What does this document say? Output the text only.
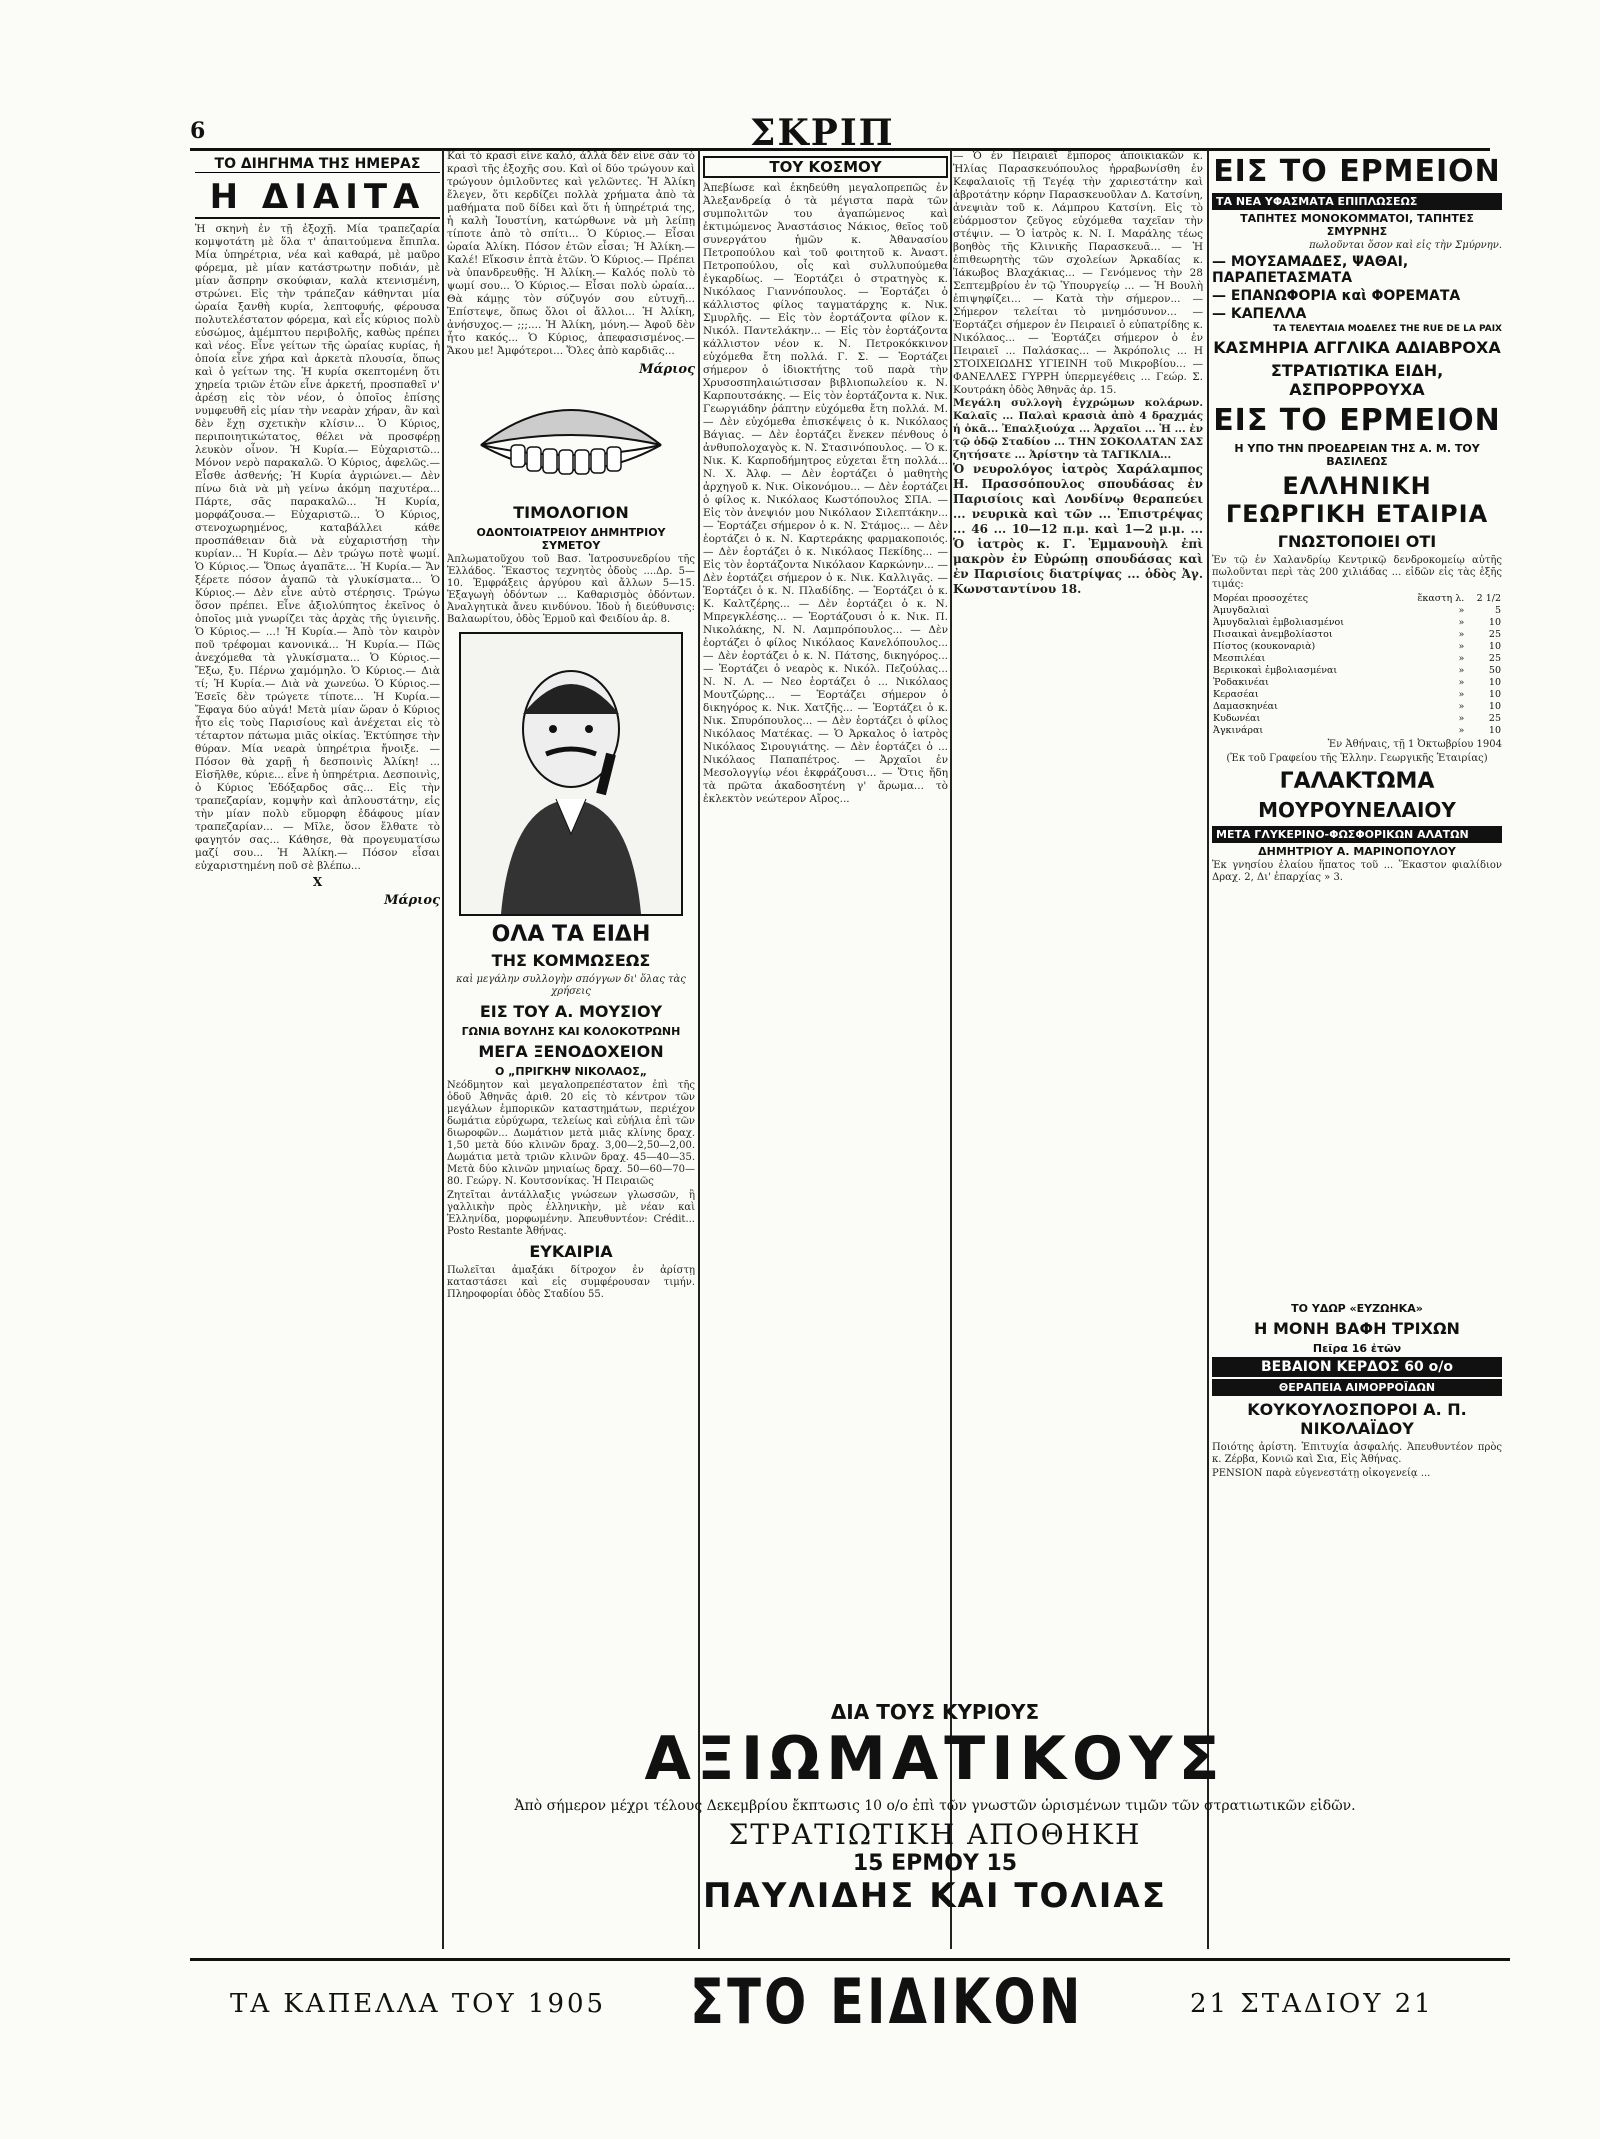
6	ΣΚΡΙΠ
ΤΟ ΔΙΗΓΗΜΑ ΤΗΣ ΗΜΕΡΑΣ
Η ΔΙΑΙΤΑ

Ἡ σκηνὴ ἐν τῇ ἐξοχῇ. Μία τραπεζαρία κομψοτάτη μὲ ὅλα τ' ἀπαιτούμενα ἔπιπλα. Μία ὑπηρέτρια, νέα καὶ καθαρά, μὲ μαῦρο φόρεμα, μὲ μίαν κατάστρωτην ποδιάν, μὲ μίαν ἄσπρην σκούφιαν, καλὰ κτενισμένη, στρώνει. Εἰς τὴν τράπεζαν κάθηνται μία ὡραία ξανθὴ κυρία, λεπτοφυής, φέρουσα πολυτελέστατον φόρεμα, καὶ εἷς κύριος πολὺ εὐσώμος, ἀμέμπτου περιβολῆς, καθὼς πρέπει καὶ νέος. Εἶνε γείτων τῆς ὡραίας κυρίας, ἡ ὁποία εἶνε χήρα καὶ ἀρκετὰ πλουσία, ὅπως καὶ ὁ γείτων της. Ἡ κυρία σκεπτομένη ὅτι χηρεία τριῶν ἐτῶν εἶνε ἀρκετή, προσπαθεῖ ν' ἀρέσῃ εἰς τὸν νέον, ὁ ὁποῖος ἐπίσης νυμφευθῆ εἰς μίαν τὴν νεαρὰν χήραν, ἂν καὶ δὲν ἔχῃ σχετικὴν κλίσιν... Ὁ Κύριος, περιποιητικώτατος, θέλει νὰ προσφέρῃ λευκὸν οἶνον. Ἡ Κυρία.— Εὐχαριστῶ... Μόνον νερὸ παρακαλῶ. Ὁ Κύριος, ἀφελῶς.— Εἶσθε ἀσθενής; Ἡ Κυρία ἀγριώνει.— Δὲν πίνω διὰ νὰ μὴ γείνω ἀκόμη παχυτέρα... Πάρτε, σᾶς παρακαλῶ... Ἡ Κυρία, μορφάζουσα.— Εὐχαριστῶ... Ὁ Κύριος, στενοχωρημένος, καταβάλλει κάθε προσπάθειαν διὰ νὰ εὐχαριστήσῃ τὴν κυρίαν... Ἡ Κυρία.— Δὲν τρώγω ποτὲ ψωμί. Ὁ Κύριος.— Ὅπως ἀγαπᾶτε... Ἡ Κυρία.— Ἄν ξέρετε πόσον ἀγαπῶ τὰ γλυκίσματα... Ὁ Κύριος.— Δὲν εἶνε αὐτὸ στέρησις. Τρώγω ὅσον πρέπει. Εἶνε ἀξιολύπητος ἐκεῖνος ὁ ὁποῖος μιὰ γνωρίζει τὰς ἀρχὰς τῆς ὑγιεινῆς. Ὁ Κύριος.— ...! Ἡ Κυρία.— Ἀπὸ τὸν καιρὸν ποῦ τρέφομαι κανονικά... Ἡ Κυρία.— Πῶς ἀνεχόμεθα τὰ γλυκίσματα... Ὁ Κύριος.— Ἔξω, ξυ. Πέρνω χαμόμηλο. Ὁ Κύριος.— Διὰ τί; Ἡ Κυρία.— Διὰ νὰ χωνεύω. Ὁ Κύριος.— Ἐσεῖς δὲν τρώγετε τίποτε... Ἡ Κυρία.— Ἔφαγα δύο αὐγά! Μετὰ μίαν ὥραν ὁ Κύριος ἦτο εἰς τοὺς Παρισίους καὶ ἀνέχεται εἰς τὸ τέταρτον πάτωμα μιᾶς οἰκίας. Ἐκτύπησε τὴν θύραν. Μία νεαρὰ ὑπηρέτρια ἤνοιξε. — Πόσον θὰ χαρῇ ἡ δεσποινὶς Ἀλίκη! ... Εἰσῆλθε, κύριε... εἶνε ἡ ὑπηρέτρια. Δεσποινὶς, ὁ Κύριος Ἐδόξαρδος σᾶς... Εἰς τὴν τραπεζαρίαν, κομψὴν καὶ ἁπλουστάτην, εἰς τὴν μίαν πολὺ εὔμορφη ἐδάφους μίαν τραπεζαρίαν... — Μῖλε, ὅσον ἔλθατε τὸ φαγητόν σας... Κάθησε, θὰ προγευματίσω μαζί σου... Ἡ Ἀλίκη.— Πόσον εἶσαι εὐχαριστημένη ποῦ σὲ βλέπω...

Χ
Μάριος

Καὶ τὸ κρασὶ εἶνε καλό, ἀλλὰ δὲν εἶνε σὰν τὸ κρασὶ τῆς ἐξοχῆς σου. Καὶ οἱ δύο τρώγουν καὶ τρώγουν ὁμιλοῦντες καὶ γελῶντες. Ἡ Ἀλίκη ἔλεγεν, ὅτι κερδίζει πολλὰ χρήματα ἀπὸ τὰ μαθήματα ποῦ δίδει καὶ ὅτι ἡ ὑπηρέτριά της, ἡ καλὴ Ἰουστίνη, κατώρθωνε νὰ μὴ λείπῃ τίποτε ἀπὸ τὸ σπίτι... Ὁ Κύριος.— Εἶσαι ὡραία Ἀλίκη. Πόσον ἐτῶν εἶσαι; Ἡ Ἀλίκη.— Καλέ! Εἴκοσιν ἑπτὰ ἐτῶν. Ὁ Κύριος.— Πρέπει νὰ ὑπανδρευθῇς. Ἡ Ἀλίκη.— Καλός πολὺ τὸ ψωμί σου... Ὁ Κύριος.— Εἶσαι πολὺ ὡραία... Θὰ κάμῃς τὸν σύζυγόν σου εὐτυχῆ... Ἐπίστεψε, ὅπως ὅλοι οἱ ἄλλοι... Ἡ Ἀλίκη, ἀνήσυχος.— ;;;.... Ἡ Ἀλίκη, μόνη.— Ἀφοῦ δὲν ἦτο κακός... Ὁ Κύριος, ἀπεφασισμένος.— Ἄκου με! Ἀμφότεροι... Ὅλες ἀπὸ καρδιᾶς...

Μάριος
ΤΙΜΟΛΟΓΙΟΝ
ΟΔΟΝΤΟΙΑΤΡΕΙΟΥ ΔΗΜΗΤΡΙΟΥ ΣΥΜΕΤΟΥ

Ἀπλωματοῦχου τοῦ Βασ. Ἰατροσυνεδρίου τῆς Ἑλλάδος. Ἕκαστος τεχνητὸς ὀδοὺς ....Δρ. 5—10. Ἐμφράξεις ἀργύρου καὶ ἄλλων 5—15. Ἐξαγωγὴ ὀδόντων ... Καθαρισμὸς ὀδόντων. Ἀναλγητικὰ ἄνευ κινδύνου. Ἰδοὺ ἡ διεύθυνσις: Βαλαωρίτου, ὁδὸς Ἑρμοῦ καὶ Φειδίου ἀρ. 8.

ΟΛΑ ΤΑ ΕΙΔΗ
ΤΗΣ ΚΟΜΜΩΣΕΩΣ
καὶ μεγάλην συλλογὴν σπόγγων δι' ὅλας τὰς χρήσεις
ΕΙΣ ΤΟΥ Α. ΜΟΥΣΙΟΥ
ΓΩΝΙΑ ΒΟΥΛΗΣ ΚΑΙ ΚΟΛΟΚΟΤΡΩΝΗ
ΜΕΓΑ ΞΕΝΟΔΟΧΕΙΟΝ
Ο „ΠΡΙΓΚΗΨ ΝΙΚΟΛΑΟΣ„

Νεόδμητον καὶ μεγαλοπρεπέστατον ἐπὶ τῆς ὁδοῦ Ἀθηνᾶς ἀριθ. 20 εἰς τὸ κέντρον τῶν μεγάλων ἐμπορικῶν καταστημάτων, περιέχον δωμάτια εὐρύχωρα, τελείως καὶ εὐήλια ἐπὶ τῶν διωροφῶν... Δωμάτιον μετὰ μιᾶς κλίνης δραχ. 1,50 μετὰ δύο κλινῶν δραχ. 3,00—2,50—2,00. Δωμάτια μετὰ τριῶν κλινῶν δραχ. 45—40—35. Μετὰ δύο κλινῶν μηνιαίως δραχ. 50—60—70—80. Γεώργ. Ν. Κουτσονίκας. Ἡ Πειραιῶς

Ζητεῖται ἀντάλλαξις γνώσεων γλωσσῶν, ἢ γαλλικὴν πρὸς ἑλληνικὴν, μὲ νέαν καὶ Ἑλληνίδα, μορφωμένην. Ἀπευθυντέον: Crédit... Posto Restante Ἀθήνας.

ΕΥΚΑΙΡΙΑ

Πωλεῖται ἀμαξάκι δίτροχον ἐν ἀρίστῃ καταστάσει καὶ εἰς συμφέρουσαν τιμήν. Πληροφορίαι ὁδὸς Σταδίου 55.

ΤΟΥ ΚΟΣΜΟΥ

Ἀπεβίωσε καὶ ἐκηδεύθη μεγαλοπρεπῶς ἐν Ἀλεξανδρείᾳ ὁ τὰ μέγιστα παρὰ τῶν συμπολιτῶν του ἀγαπώμενος καὶ ἐκτιμώμενος Ἀναστάσιος Νάκιος, θεῖος τοῦ συνεργάτου ἡμῶν κ. Ἀθανασίου Πετροπούλου καὶ τοῦ φοιτητοῦ κ. Ἀναστ. Πετροπούλου, οἷς καὶ συλλυπούμεθα ἐγκαρδίως. — Ἑορτάζει ὁ στρατηγὸς κ. Νικόλαος Γιαννόπουλος. — Ἑορτάζει ὁ κάλλιστος φίλος ταγματάρχης κ. Νικ. Σμυρλῆς. — Εἰς τὸν ἑορτάζοντα φίλον κ. Νικόλ. Παντελάκην... — Εἰς τὸν ἑορτάζοντα κάλλιστον νέον κ. Ν. Πετροκόκκινον εὐχόμεθα ἔτη πολλά. Γ. Σ. — Ἑορτάζει σήμερον ὁ ἰδιοκτήτης τοῦ παρὰ τὴν Χρυσοσπηλαιώτισσαν βιβλιοπωλείου κ. Ν. Καρπουτσάκης. — Εἰς τὸν ἑορτάζοντα κ. Νικ. Γεωργιάδην ῥάπτην εὐχόμεθα ἔτη πολλά. Μ. — Δὲν εὐχόμεθα ἐπισκέψεις ὁ κ. Νικόλαος Βάγιας. — Δὲν ἑορτάζει ἕνεκεν πένθους ὁ ἀνθυπολοχαγὸς κ. Ν. Στασινόπουλος. — Ὁ κ. Νικ. Κ. Καρποδήμητρος εὐχεται ἔτη πολλά... Ν. Χ. Ἀλφ. — Δὲν ἑορτάζει ὁ μαθητὴς ἀρχηγοῦ κ. Νικ. Οἰκονόμου... — Δὲν ἑορτάζει ὁ φίλος κ. Νικόλαος Κωστόπουλος ΣΠΑ. — Εἰς τὸν ἀνεψιόν μου Νικόλαον Σιλεπτάκην... — Ἑορτάζει σήμερον ὁ κ. Ν. Στάμος... — Δὲν ἑορτάζει ὁ κ. Ν. Καρτεράκης φαρμακοποιός. — Δὲν ἑορτάζει ὁ κ. Νικόλαος Πεκίδης... — Εἰς τὸν ἑορτάζοντα Νικόλαον Καρκώνην... — Δὲν ἑορτάζει σήμερον ὁ κ. Νικ. Καλλιγᾶς. — Ἑορτάζει ὁ κ. Ν. Πλαδίδης. — Ἑορτάζει ὁ κ. Κ. Καλτζέρης... — Δὲν ἑορτάζει ὁ κ. Ν. Μπρεγκλέσης... — Ἑορτάζουσι ὁ κ. Νικ. Π. Νικολάκης, Ν. Ν. Λαμπρόπουλος... — Δὲν ἑορτάζει ὁ φίλος Νικόλαος Κανελόπουλος... — Δὲν ἑορτάζει ὁ κ. Ν. Πάτσης, δικηγόρος... — Ἑορτάζει ὁ νεαρὸς κ. Νικόλ. Πεζούλας... Ν. Ν. Λ. — Νεο ἑορτάζει ὁ ... Νικόλαος Μουτζώρης... — Ἑορτάζει σήμερον ὁ δικηγόρος κ. Νικ. Χατζῆς... — Ἑορτάζει ὁ κ. Νικ. Σπυρόπουλος... — Δὲν ἑορτάζει ὁ φίλος Νικόλαος Ματέκας. — Ὁ Ἀρκαλος ὁ ἰατρὸς Νικόλαος Σιρουγιάτης. — Δὲν ἑορτάζει ὁ ... Νικόλαος Παπαπέτρος. — Ἀρχαῖοι ἐν Μεσολογγίῳ νέοι ἐκφράζουσι... — Ὅτις ἤδη τὰ πρῶτα ἀκαδοσητένη γ' ἄρωμα... τὸ ἐκλεκτὸν νεώτερον Αἴρος...

— Ὁ ἐν Πειραιεῖ ἔμπορος ἀποικιακῶν κ. Ἡλίας Παρασκευόπουλος ἠρραβωνίσθη ἐν Κεφαλαιοῖς τῇ Τεγέᾳ τὴν χαριεστάτην καὶ ἀβροτάτην κόρην Παρασκευοῦλαν Δ. Κατσίνη, ἀνεψιὰν τοῦ κ. Λάμπρου Κατσίνη. Εἰς τὸ εὐάρμοστον ζεῦγος εὐχόμεθα ταχεῖαν τὴν στέψιν. — Ὁ ἰατρὸς κ. Ν. Ι. Μαράλης τέως βοηθὸς τῆς Κλινικῆς Παρασκευᾶ... — Ἡ ἐπιθεωρητὴς τῶν σχολείων Ἀρκαδίας κ. Ἰάκωβος Βλαχάκιας... — Γενόμενος τὴν 28 Σεπτεμβρίου ἐν τῷ Ὑπουργείῳ ... — Ἡ Βουλὴ ἐπιψηφίζει... — Κατὰ τὴν σήμερον... — Σήμερον τελείται τὸ μνημόσυνον... — Ἑορτάζει σήμερον ἐν Πειραιεῖ ὁ εὐπατρίδης κ. Νικόλαος... — Ἑορτάζει σήμερον ὁ ἐν Πειραιεῖ ... Παλάσκας... — Ἀκρόπολις ... Η ΣΤΟΙΧΕΙΩΔΗΣ ΥΓΙΕΙΝΗ τοῦ Μικροβίου... — ΦΑΝΕΛΛΕΣ ΓΥΡΡΗ ὑπερμεγέθεις ... Γεώρ. Σ. Κουτράκη ὁδὸς Ἀθηνᾶς ἀρ. 15.

Μεγάλη συλλογὴ ἐγχρώμων κολάρων. Καλαῖς ... Παλαὶ κρασιὰ ἀπὸ 4 δραχμάς ἡ ὀκᾶ... Ἐπαλξιούχα ... Ἀρχαῖοι ... Ἡ ... ἐν τῷ ὁδῷ Σταδίου ... ΤΗΝ ΣΟΚΟΛΑΤΑΝ ΣΑΣ ζητήσατε ... Ἀρίστην τὰ ΤΑΓΙΚΛΙΑ...

Ὁ νευρολόγος ἰατρὸς Χαράλαμπος Η. Πρασσόπουλος σπουδάσας ἐν Παρισίοις καὶ Λονδίνῳ θεραπεύει ... νευρικὰ καὶ τῶν ... Ἐπιστρέψας ... 46 ... 10—12 π.μ. καὶ 1—2 μ.μ. ... Ὁ ἰατρὸς κ. Γ. Ἐμμανουὴλ ἐπὶ μακρὸν ἐν Εὐρώπῃ σπουδάσας καὶ ἐν Παρισίοις διατρίψας ... ὁδὸς Ἀγ. Κωνσταντίνου 18.

ΕΙΣ ΤΟ ΕΡΜΕΙΟΝ
ΤΑ ΝΕΑ ΥΦΑΣΜΑΤΑ ΕΠΙΠΛΩΣΕΩΣ
ΤΑΠΗΤΕΣ ΜΟΝΟΚΟΜΜΑΤΟΙ, ΤΑΠΗΤΕΣ ΣΜΥΡΝΗΣ
πωλοῦνται ὅσον καὶ εἰς τὴν Σμύρνην.
— ΜΟΥΣΑΜΑΔΕΣ, ΨΑΘΑΙ, ΠΑΡΑΠΕΤΑΣΜΑΤΑ
— ΕΠΑΝΩΦΟΡΙΑ καὶ ΦΟΡΕΜΑΤΑ
— ΚΑΠΕΛΛΑ
ΤΑ ΤΕΛΕΥΤΑΙΑ ΜΟΔΕΛΕΣ THE RUE DE LA PAIX
ΚΑΣΜΗΡΙΑ ΑΓΓΛΙΚΑ ΑΔΙΑΒΡΟΧΑ
ΣΤΡΑΤΙΩΤΙΚΑ ΕΙΔΗ, ΑΣΠΡΟΡΡΟΥΧΑ
ΕΙΣ ΤΟ ΕΡΜΕΙΟΝ
Η ΥΠΟ ΤΗΝ ΠΡΟΕΔΡΕΙΑΝ ΤΗΣ Α. Μ. ΤΟΥ ΒΑΣΙΛΕΩΣ
ΕΛΛΗΝΙΚΗ ΓΕΩΡΓΙΚΗ ΕΤΑΙΡΙΑ
ΓΝΩΣΤΟΠΟΙΕΙ ΟΤΙ

Ἐν τῷ ἐν Χαλανδρίῳ Κεντρικῷ δενδροκομείῳ αὐτῆς πωλοῦνται περὶ τὰς 200 χιλιάδας ... εἰδῶν εἰς τὰς ἑξῆς τιμάς:

Μορέαι προσοχέτες	ἕκαστη λ.	2 1/2
Ἀμυγδαλιαὶ	»	5
Ἀμυγδαλιαὶ ἐμβολιασμένοι	»	10
Πισαικαὶ ἀνεμβολίαστοι	»	25
Πίστος (κουκοναριὰ)	»	10
Μεσπιλέαι	»	25
Βερικοκαὶ ἐμβολιασμέναι	»	50
Ῥοδακινέαι	»	10
Κερασέαι	»	10
Δαμασκηνέαι	»	10
Κυδωνέαι	»	25
Ἀγκινάραι	»	10
Ἐν Ἀθήναις, τῇ 1 Ὀκτωβρίου 1904
(Ἐκ τοῦ Γραφείου τῆς Ἑλλην. Γεωργικῆς Ἑταιρίας)
ΓΑΛΑΚΤΩΜΑ
ΜΟΥΡΟΥΝΕΛΑΙΟΥ
ΜΕΤΑ ΓΛΥΚΕΡΙΝΟ-ΦΩΣΦΟΡΙΚΩΝ ΑΛΑΤΩΝ
ΔΗΜΗΤΡΙΟΥ Α. ΜΑΡΙΝΟΠΟΥΛΟΥ

Ἐκ γνησίου ἐλαίου ἥπατος τοῦ ... Ἕκαστον φιαλίδιον Δραχ. 2, Δι' ἐπαρχίας » 3.

ΤΟ ΥΔΩΡ «ΕΥΖΩΗΚΑ»
Η ΜΟΝΗ ΒΑΦΗ ΤΡΙΧΩΝ
Πεῖρα 16 ἐτῶν
ΒΕΒΑΙΟΝ ΚΕΡΔΟΣ 60 ο/ο
ΘΕΡΑΠΕΙΑ ΑΙΜΟΡΡΟΪΔΩΝ
ΚΟΥΚΟΥΛΟΣΠΟΡΟΙ Α. Π. ΝΙΚΟΛΑΪΔΟΥ

Ποιότης ἀρίστη. Ἐπιτυχία ἀσφαλής. Ἀπευθυντέον πρὸς κ. Ζέρβα, Κονιῶ καὶ Σια, Εἰς Ἀθήνας.

PENSION παρὰ εὐγενεστάτῃ οἰκογενείᾳ ...

ΔΙΑ ΤΟΥΣ ΚΥΡΙΟΥΣ
ΑΞΙΩΜΑΤΙΚΟΥΣ
Ἀπὸ σήμερον μέχρι τέλους Δεκεμβρίου ἔκπτωσις 10 ο/ο ἐπὶ τῶν γνωστῶν ὡρισμένων τιμῶν τῶν στρατιωτικῶν εἰδῶν.
ΣΤΡΑΤΙΩΤΙΚΗ ΑΠΟΘΗΚΗ
15 ΕΡΜΟΥ 15
ΠΑΥΛΙΔΗΣ ΚΑΙ ΤΟΛΙΑΣ
ΤΑ ΚΑΠΕΛΛΑ ΤΟΥ 1905 ΣΤΟ ΕΙΔΙΚΟΝ	21 ΣΤΑΔΙΟΥ 21
